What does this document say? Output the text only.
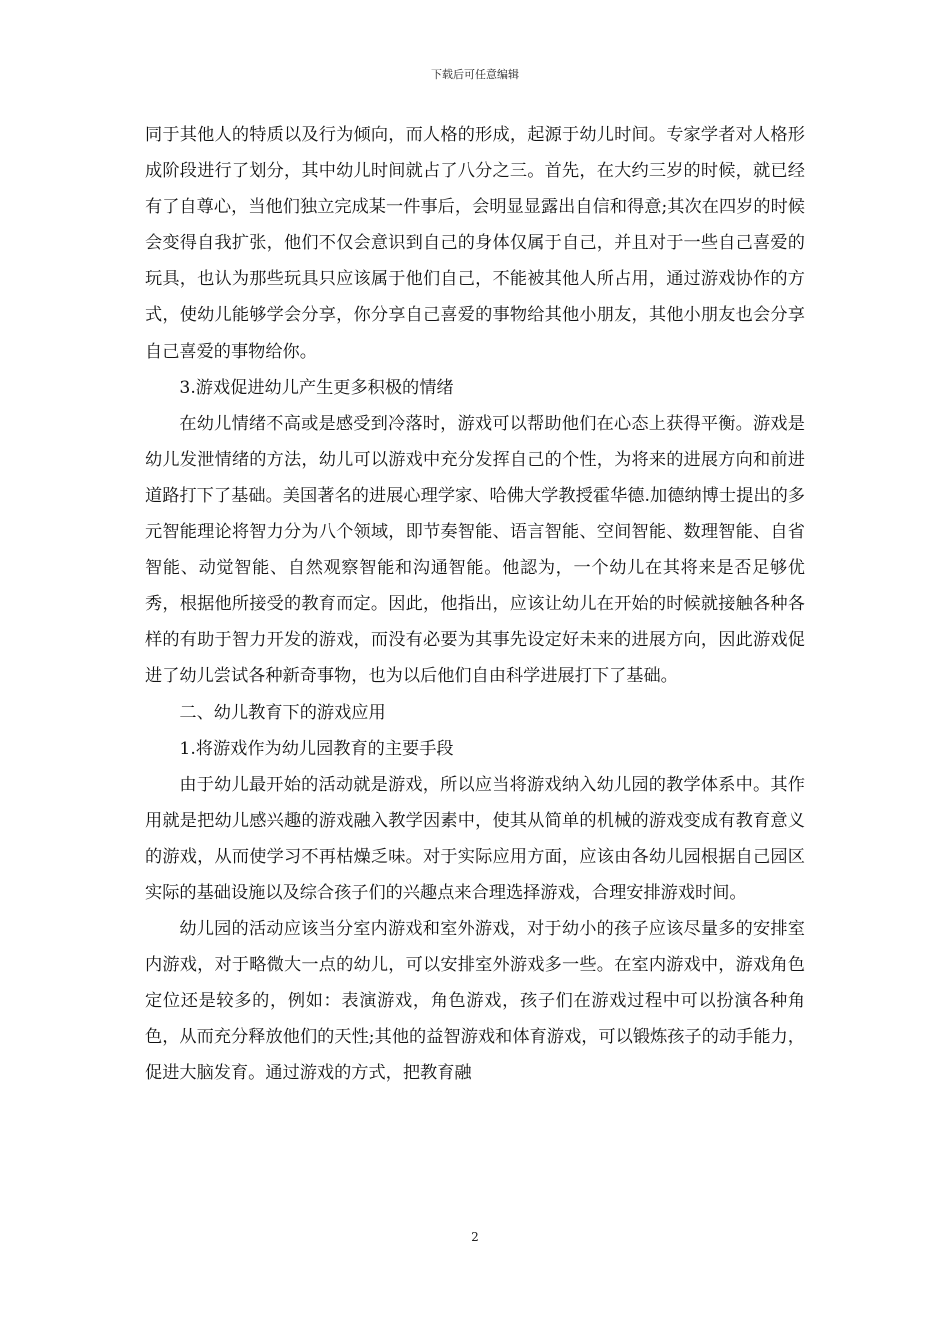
下载后可任意编辑

同于其他人的特质以及行为倾向，而人格的形成，起源于幼儿时间。专家学者对人格形成阶段进行了划分，其中幼儿时间就占了八分之三。首先，在大约三岁的时候，就已经有了自尊心，当他们独立完成某一件事后，会明显显露出自信和得意;其次在四岁的时候会变得自我扩张，他们不仅会意识到自己的身体仅属于自己，并且对于一些自己喜爱的玩具，也认为那些玩具只应该属于他们自己，不能被其他人所占用，通过游戏协作的方式，使幼儿能够学会分享，你分享自己喜爱的事物给其他小朋友，其他小朋友也会分享自己喜爱的事物给你。

3.游戏促进幼儿产生更多积极的情绪

在幼儿情绪不高或是感受到冷落时，游戏可以帮助他们在心态上获得平衡。游戏是幼儿发泄情绪的方法，幼儿可以游戏中充分发挥自己的个性，为将来的进展方向和前进道路打下了基础。美国著名的进展心理学家、哈佛大学教授霍华德.加德纳博士提出的多元智能理论将智力分为八个领域，即节奏智能、语言智能、空间智能、数理智能、自省智能、动觉智能、自然观察智能和沟通智能。他認为，一个幼儿在其将来是否足够优秀，根据他所接受的教育而定。因此，他指出，应该让幼儿在开始的时候就接触各种各样的有助于智力开发的游戏，而没有必要为其事先设定好未来的进展方向，因此游戏促进了幼儿尝试各种新奇事物，也为以后他们自由科学进展打下了基础。

二、幼儿教育下的游戏应用

1.将游戏作为幼儿园教育的主要手段

由于幼儿最开始的活动就是游戏，所以应当将游戏纳入幼儿园的教学体系中。其作用就是把幼儿感兴趣的游戏融入教学因素中，使其从简单的机械的游戏变成有教育意义的游戏，从而使学习不再枯燥乏味。对于实际应用方面，应该由各幼儿园根据自己园区实际的基础设施以及综合孩子们的兴趣点来合理选择游戏，合理安排游戏时间。

幼儿园的活动应该当分室内游戏和室外游戏，对于幼小的孩子应该尽量多的安排室内游戏，对于略微大一点的幼儿，可以安排室外游戏多一些。在室内游戏中，游戏角色定位还是较多的，例如：表演游戏，角色游戏，孩子们在游戏过程中可以扮演各种角色，从而充分释放他们的天性;其他的益智游戏和体育游戏，可以锻炼孩子的动手能力，促进大脑发育。通过游戏的方式，把教育融

2
